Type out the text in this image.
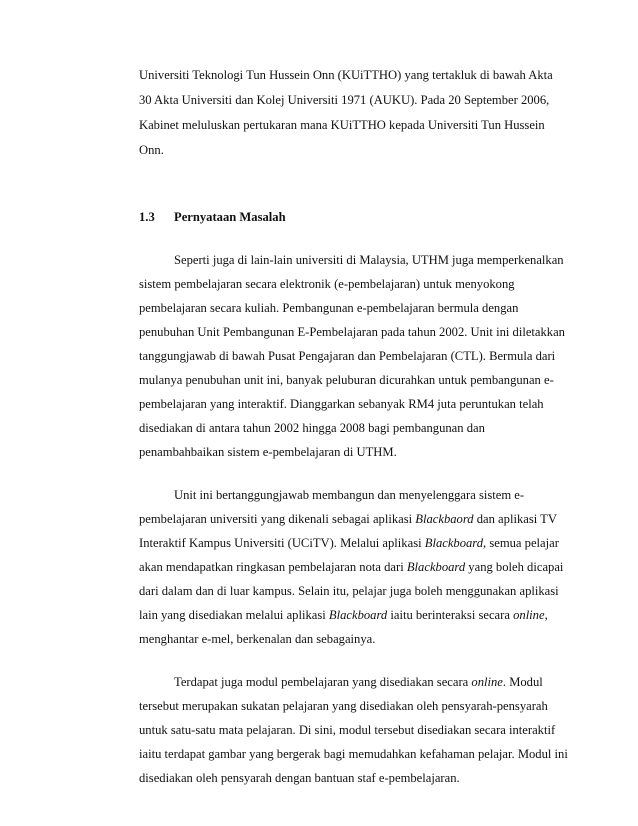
Universiti Teknologi Tun Hussein Onn (KUiTTHO) yang tertakluk di bawah Akta
30 Akta Universiti dan Kolej Universiti 1971 (AUKU). Pada 20 September 2006,
Kabinet meluluskan pertukaran mana KUiTTHO kepada Universiti Tun Hussein
Onn.
1.3 Pernyataan Masalah
Seperti juga di lain-lain universiti di Malaysia, UTHM juga memperkenalkan
sistem pembelajaran secara elektronik (e-pembelajaran) untuk menyokong
pembelajaran secara kuliah. Pembangunan e-pembelajaran bermula dengan
penubuhan Unit Pembangunan E-Pembelajaran pada tahun 2002. Unit ini diletakkan
tanggungjawab di bawah Pusat Pengajaran dan Pembelajaran (CTL). Bermula dari
mulanya penubuhan unit ini, banyak peluburan dicurahkan untuk pembangunan e-
pembelajaran yang interaktif. Dianggarkan sebanyak RM4 juta peruntukan telah
disediakan di antara tahun 2002 hingga 2008 bagi pembangunan dan
penambahbaikan sistem e-pembelajaran di UTHM.
Unit ini bertanggungjawab membangun dan menyelenggara sistem e-
pembelajaran universiti yang dikenali sebagai aplikasi Blackbaord dan aplikasi TV
Interaktif Kampus Universiti (UCiTV). Melalui aplikasi Blackboard, semua pelajar
akan mendapatkan ringkasan pembelajaran nota dari Blackboard yang boleh dicapai
dari dalam dan di luar kampus. Selain itu, pelajar juga boleh menggunakan aplikasi
lain yang disediakan melalui aplikasi Blackboard iaitu berinteraksi secara online,
menghantar e-mel, berkenalan dan sebagainya.
Terdapat juga modul pembelajaran yang disediakan secara online. Modul
tersebut merupakan sukatan pelajaran yang disediakan oleh pensyarah-pensyarah
untuk satu-satu mata pelajaran. Di sini, modul tersebut disediakan secara interaktif
iaitu terdapat gambar yang bergerak bagi memudahkan kefahaman pelajar. Modul ini
disediakan oleh pensyarah dengan bantuan staf e-pembelajaran.
